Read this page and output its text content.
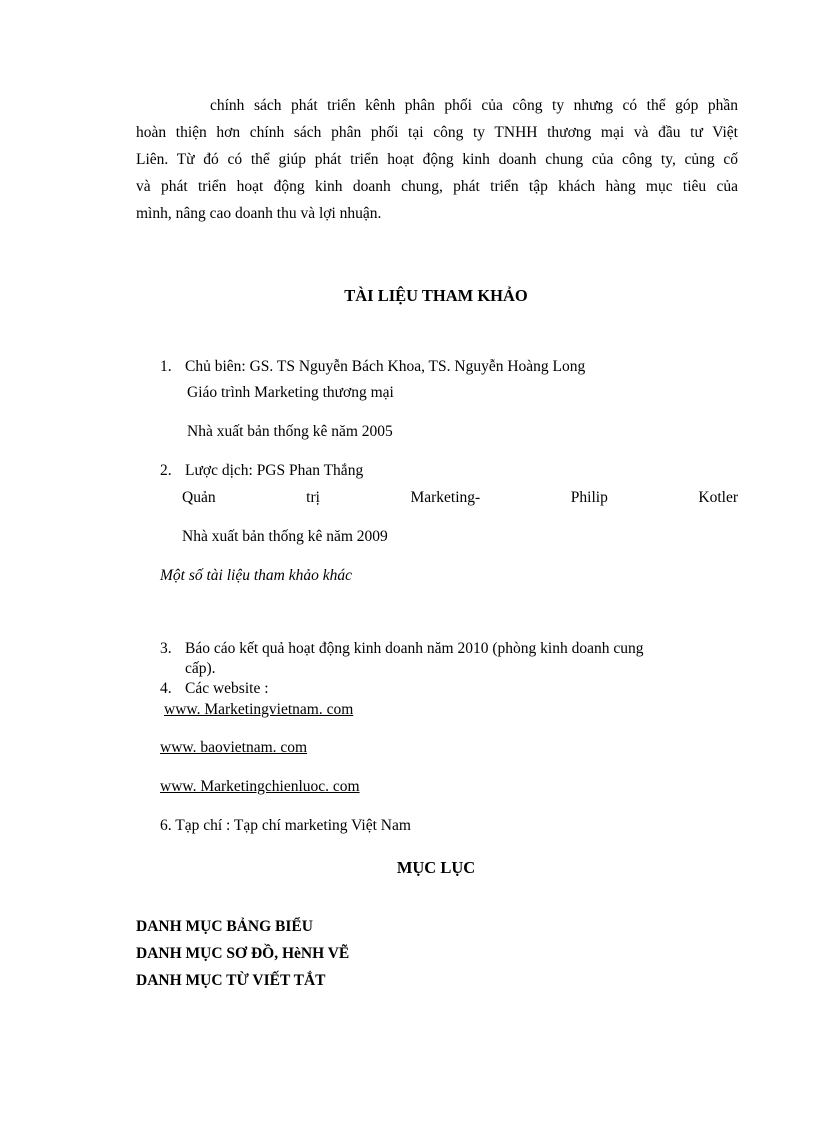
chính sách phát triển kênh phân phối của công ty nhưng có thể góp phần
hoàn thiện hơn chính sách phân phối tại công ty TNHH thương mại và đầu tư Việt
Liên. Từ đó có thể giúp phát triển hoạt động kinh doanh chung của công ty, củng cố
và phát triển hoạt động kinh doanh chung, phát triển tập khách hàng mục tiêu của
mình, nâng cao doanh thu và lợi nhuận.
TÀI LIỆU THAM KHẢO
1. Chủ biên: GS. TS Nguyễn Bách Khoa, TS. Nguyễn Hoàng Long
Giáo trình Marketing thương mại
Nhà xuất bản thống kê năm 2005
2. Lược dịch: PGS Phan Thắng
Quản	trị	Marketing-	Philip	Kotler
Nhà xuất bản thống kê năm 2009
Một số tài liệu tham khảo khác
3. Báo cáo kết quả hoạt động kinh doanh năm 2010 (phòng kinh doanh cung
cấp).
4. Các website :
www. Marketingvietnam. com
www. baovietnam. com
www. Marketingchienluoc. com
6. Tạp chí : Tạp chí marketing Việt Nam
MỤC LỤC
DANH MỤC BẢNG BIỂU
DANH MỤC SƠ ĐỒ, HèNH VẼ
DANH MỤC TỪ VIẾT TẮT
